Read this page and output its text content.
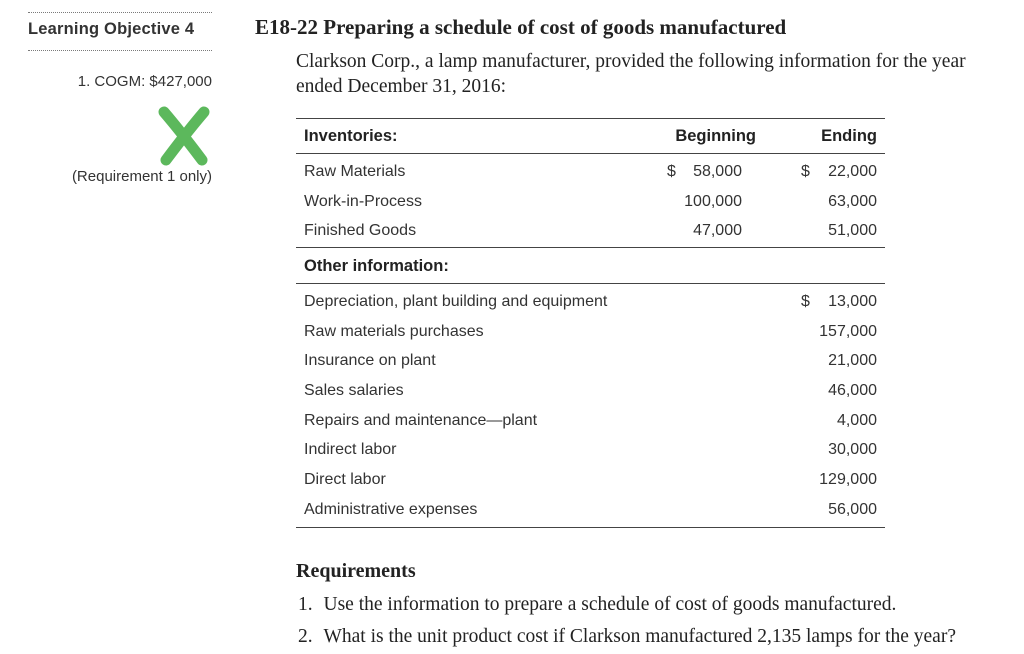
Learning Objective 4
1. COGM: $427,000
(Requirement 1 only)
E18-22 Preparing a schedule of cost of goods manufactured
Clarkson Corp., a lamp manufacturer, provided the following information for the year
ended December 31, 2016:
Inventories:	Beginning	Ending
Raw Materials	$	58,000	$	22,000
Work-in-Process	100,000	63,000
Finished Goods	47,000	51,000
Other information:
Depreciation, plant building and equipment	$	13,000
Raw materials purchases	157,000
Insurance on plant	21,000
Sales salaries	46,000
Repairs and maintenance—plant	4,000
Indirect labor	30,000
Direct labor	129,000
Administrative expenses	56,000
Requirements
1. Use the information to prepare a schedule of cost of goods manufactured.
2. What is the unit product cost if Clarkson manufactured 2,135 lamps for the year?
